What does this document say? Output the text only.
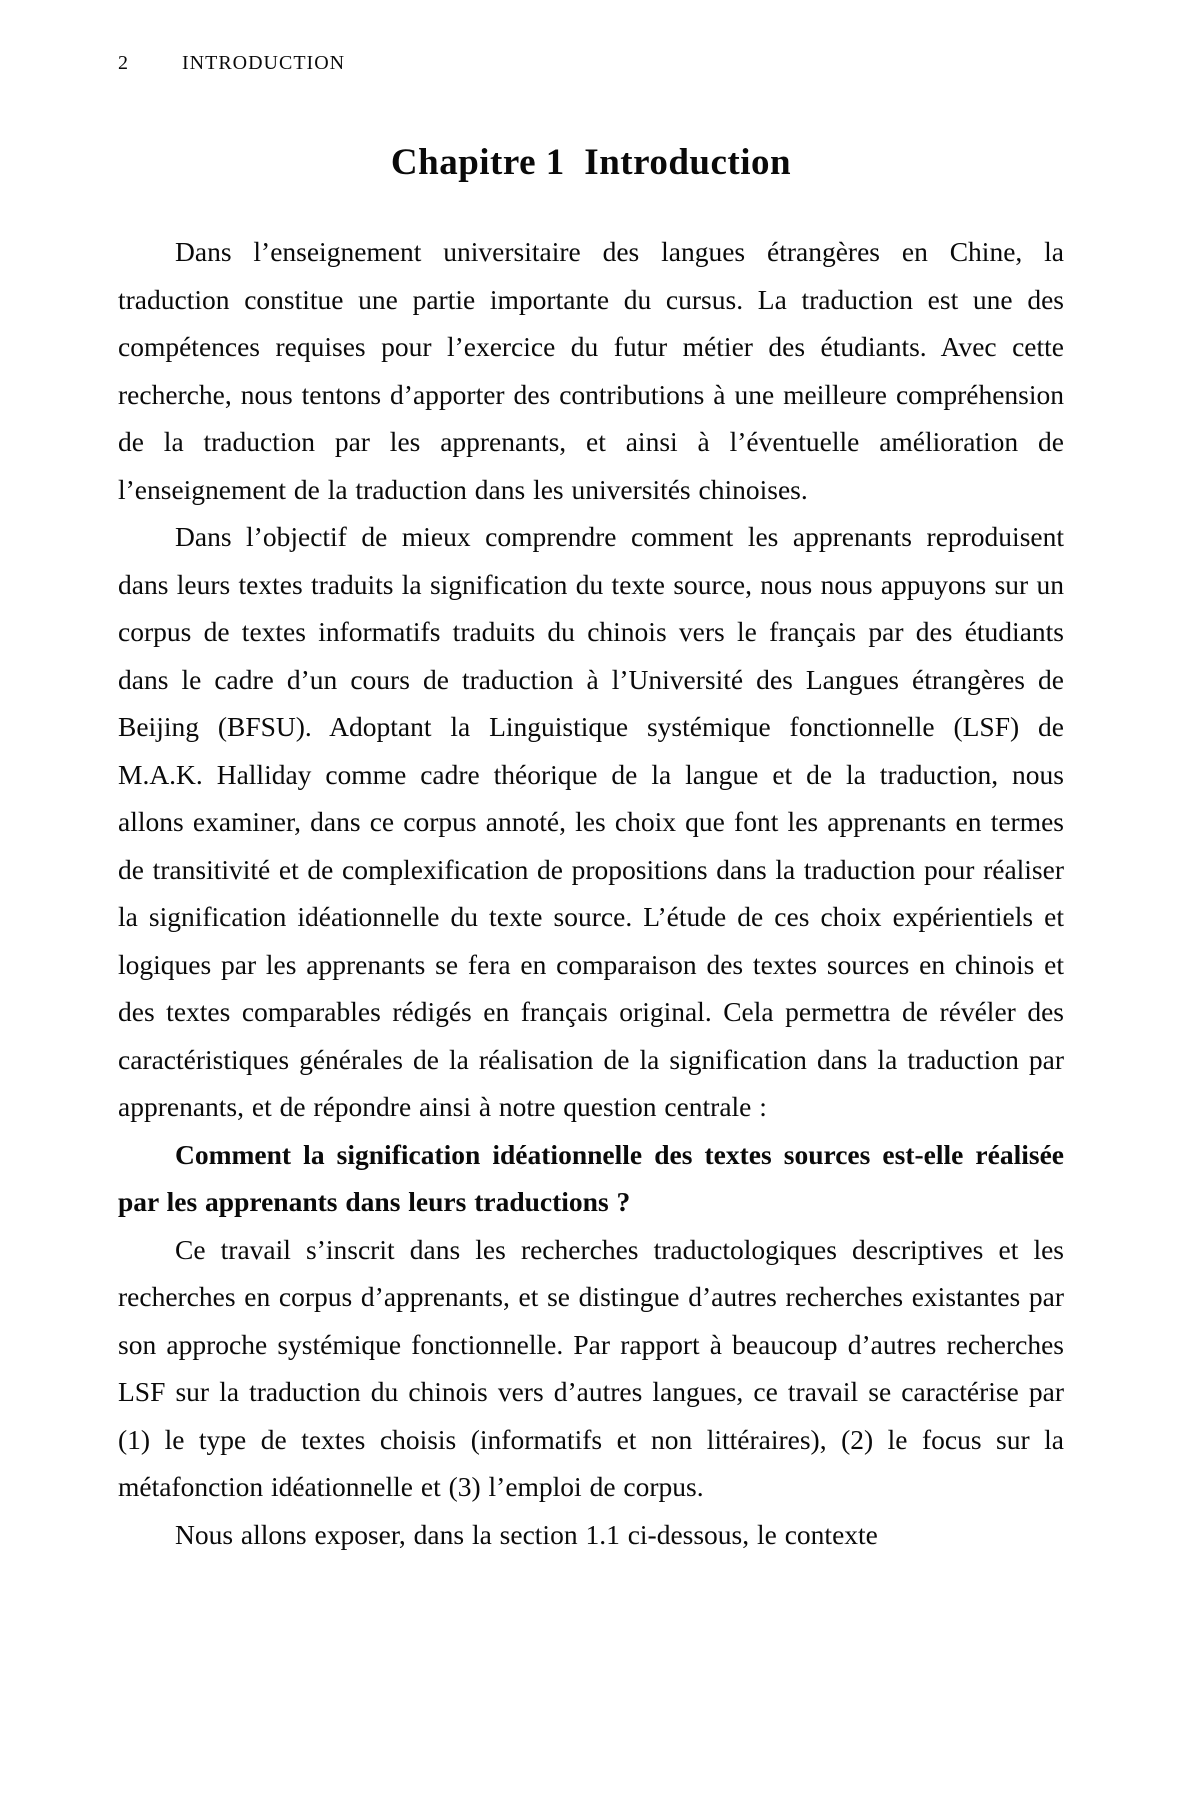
2	INTRODUCTION
Chapitre 1  Introduction

Dans l’enseignement universitaire des langues étrangères en Chine, la traduction constitue une partie importante du cursus. La traduction est une des compétences requises pour l’exercice du futur métier des étudiants. Avec cette recherche, nous tentons d’apporter des contributions à une meilleure compréhension de la traduction par les apprenants, et ainsi à l’éventuelle amélioration de l’enseignement de la traduction dans les universités chinoises.

Dans l’objectif de mieux comprendre comment les apprenants reproduisent dans leurs textes traduits la signification du texte source, nous nous appuyons sur un corpus de textes informatifs traduits du chinois vers le français par des étudiants dans le cadre d’un cours de traduction à l’Université des Langues étrangères de Beijing (BFSU). Adoptant la Linguistique systémique fonctionnelle (LSF) de M.A.K. Halliday comme cadre théorique de la langue et de la traduction, nous allons examiner, dans ce corpus annoté, les choix que font les apprenants en termes de transitivité et de complexification de propositions dans la traduction pour réaliser la signification idéationnelle du texte source. L’étude de ces choix expérientiels et logiques par les apprenants se fera en comparaison des textes sources en chinois et des textes comparables rédigés en français original. Cela permettra de révéler des caractéristiques générales de la réalisation de la signification dans la traduction par apprenants, et de répondre ainsi à notre question centrale :

Comment la signification idéationnelle des textes sources est-elle réalisée par les apprenants dans leurs traductions ?

Ce travail s’inscrit dans les recherches traductologiques descriptives et les recherches en corpus d’apprenants, et se distingue d’autres recherches existantes par son approche systémique fonctionnelle. Par rapport à beaucoup d’autres recherches LSF sur la traduction du chinois vers d’autres langues, ce travail se caractérise par (1) le type de textes choisis (informatifs et non littéraires), (2) le focus sur la métafonction idéationnelle et (3) l’emploi de corpus.

Nous allons exposer, dans la section 1.1 ci-dessous, le contexte
